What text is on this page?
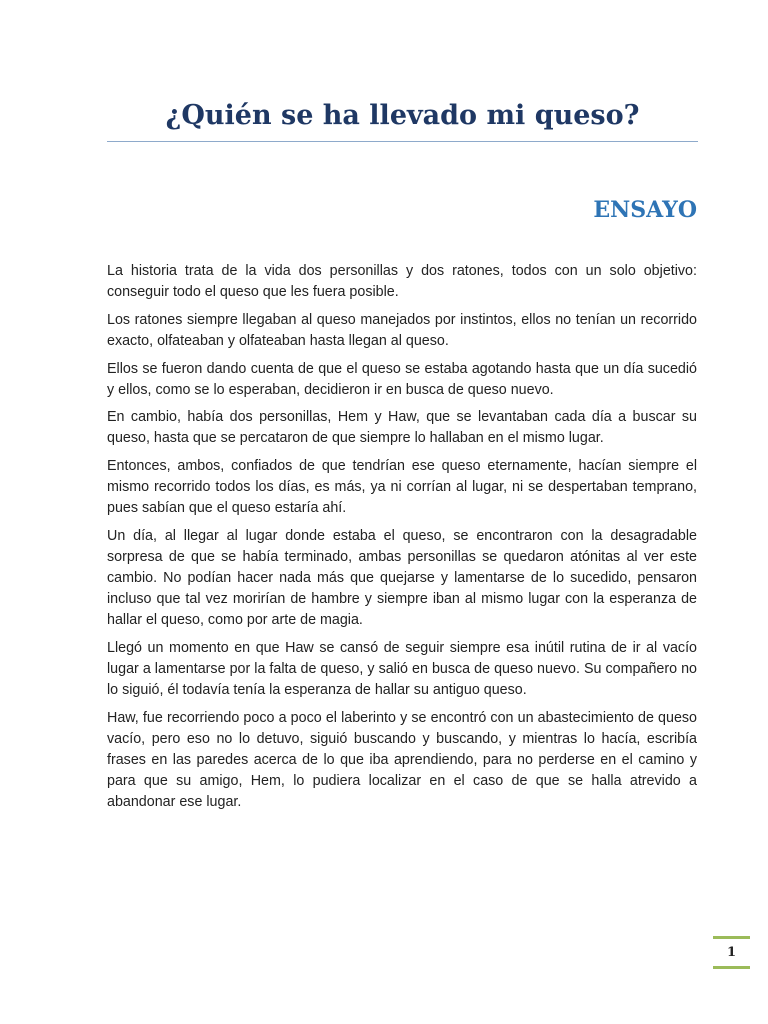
¿Quién se ha llevado mi queso?
ENSAYO

La historia trata de la vida dos personillas y dos ratones, todos con un solo objetivo: conseguir todo el queso que les fuera posible.

Los ratones siempre llegaban al queso manejados por instintos, ellos no tenían un recorrido exacto, olfateaban y olfateaban hasta llegan al queso.

Ellos se fueron dando cuenta de que el queso se estaba agotando hasta que un día sucedió y ellos, como se lo esperaban, decidieron ir en busca de queso nuevo.

En cambio, había dos personillas, Hem y Haw, que se levantaban cada día a buscar su queso, hasta que se percataron de que siempre lo hallaban en el mismo lugar.

Entonces, ambos, confiados de que tendrían ese queso eternamente, hacían siempre el mismo recorrido todos los días, es más, ya ni corrían al lugar, ni se despertaban temprano, pues sabían que el queso estaría ahí.

Un día, al llegar al lugar donde estaba el queso, se encontraron con la desagradable sorpresa de que se había terminado, ambas personillas se quedaron atónitas al ver este cambio. No podían hacer nada más que quejarse y lamentarse de lo sucedido, pensaron incluso que tal vez morirían de hambre y siempre iban al mismo lugar con la esperanza de hallar el queso, como por arte de magia.

Llegó un momento en que Haw se cansó de seguir siempre esa inútil rutina de ir al vacío lugar a lamentarse por la falta de queso, y salió en busca de queso nuevo. Su compañero no lo siguió, él todavía tenía la esperanza de hallar su antiguo queso.

Haw, fue recorriendo poco a poco el laberinto y se encontró con un abastecimiento de queso vacío, pero eso no lo detuvo, siguió buscando y buscando, y mientras lo hacía, escribía frases en las paredes acerca de lo que iba aprendiendo, para no perderse en el camino y para que su amigo, Hem, lo pudiera localizar en el caso de que se halla atrevido a abandonar ese lugar.

1
